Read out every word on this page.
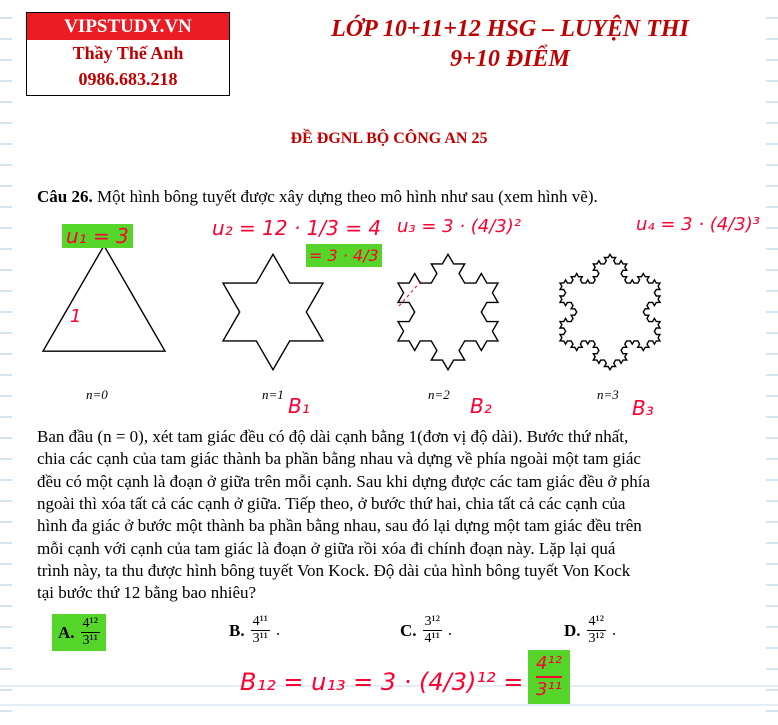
VIPSTUDY.VN
Thầy Thế Anh
0986.683.218
LỚP 10+11+12 HSG – LUYỆN THI
9+10 ĐIỂM
ĐỀ ĐGNL BỘ CÔNG AN 25
Câu 26. Một hình bông tuyết được xây dựng theo mô hình như sau (xem hình vẽ).
n=0	n=1	n=2	n=3
u₁ = 3	u₂ = 12 · 1/3 = 4
= 3 · 4/3
u₃ = 3 · (4/3)²	u₄ = 3 · (4/3)³
1
B₁	B₂	B₃
Ban đầu (n = 0), xét tam giác đều có độ dài cạnh bằng 1(đơn vị độ dài). Bước thứ nhất,
chia các cạnh của tam giác thành ba phần bằng nhau và dựng về phía ngoài một tam giác
đều có một cạnh là đoạn ở giữa trên mỗi cạnh. Sau khi dựng được các tam giác đều ở phía
ngoài thì xóa tất cả các cạnh ở giữa. Tiếp theo, ở bước thứ hai, chia tất cả các cạnh của
hình đa giác ở bước một thành ba phần bằng nhau, sau đó lại dựng một tam giác đều trên
mỗi cạnh với cạnh của tam giác là đoạn ở giữa rồi xóa đi chính đoạn này. Lặp lại quá
trình này, ta thu được hình bông tuyết Von Kock. Độ dài của hình bông tuyết Von Kock
tại bước thứ 12 bằng bao nhiêu?
A. $\frac{\text{4¹²}}{\text{3¹¹}}$	B. $\frac{\text{4¹¹}}{\text{3¹¹}}$ .	C. $\frac{\text{3¹²}}{\text{4¹¹}}$ .	D. $\frac{\text{4¹²}}{\text{3¹²}}$ .
$B_{12} = u_{13} = 3 \cdot (4/3)^{12} = \frac{\text{4¹²}}{\text{3¹¹}}$
